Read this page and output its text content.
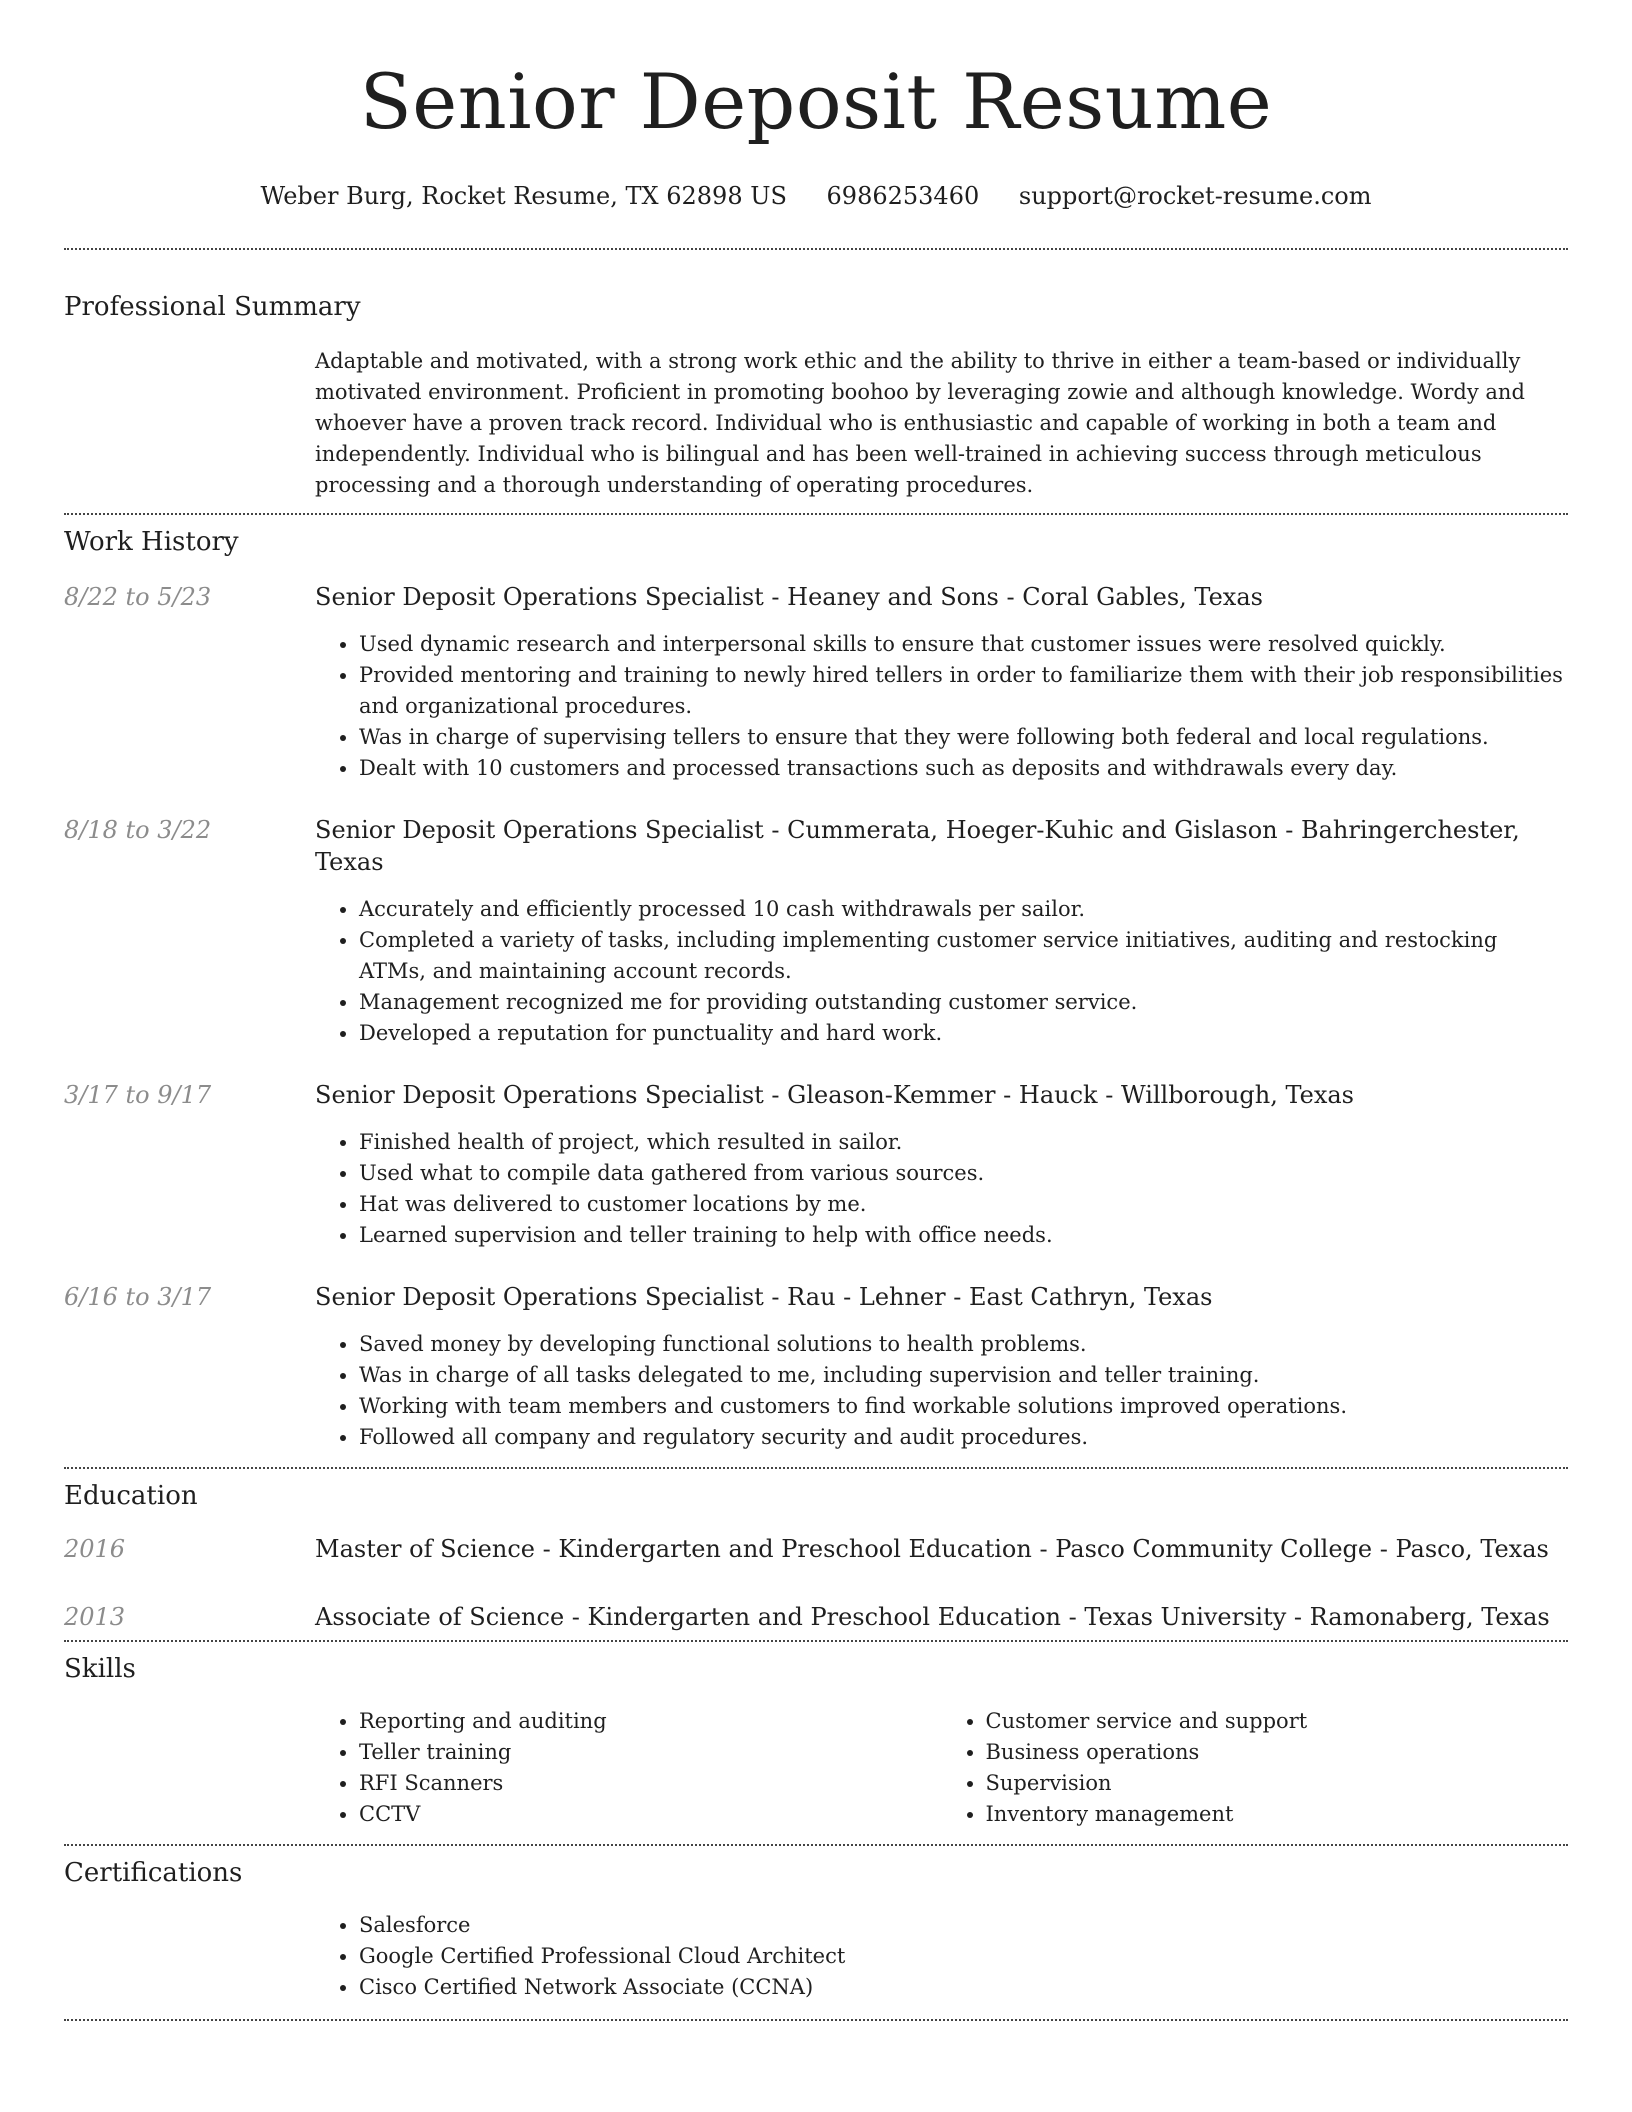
Senior Deposit Resume
Weber Burg, Rocket Resume, TX 62898 US 6986253460 support@rocket-resume.com
Professional Summary
Adaptable and motivated, with a strong work ethic and the ability to thrive in either a team-based or individually motivated environment. Proficient in promoting boohoo by leveraging zowie and although knowledge. Wordy and whoever have a proven track record. Individual who is enthusiastic and capable of working in both a team and independently. Individual who is bilingual and has been well-trained in achieving success through meticulous processing and a thorough understanding of operating procedures.
Work History
8/22 to 5/23	Senior Deposit Operations Specialist - Heaney and Sons - Coral Gables, Texas
• Used dynamic research and interpersonal skills to ensure that customer issues were resolved quickly.
• Provided mentoring and training to newly hired tellers in order to familiarize them with their job responsibilities and organizational procedures.
• Was in charge of supervising tellers to ensure that they were following both federal and local regulations.
• Dealt with 10 customers and processed transactions such as deposits and withdrawals every day.
8/18 to 3/22	Senior Deposit Operations Specialist - Cummerata, Hoeger-Kuhic and Gislason - Bahringerchester, Texas
• Accurately and efficiently processed 10 cash withdrawals per sailor.
• Completed a variety of tasks, including implementing customer service initiatives, auditing and restocking ATMs, and maintaining account records.
• Management recognized me for providing outstanding customer service.
• Developed a reputation for punctuality and hard work.
3/17 to 9/17	Senior Deposit Operations Specialist - Gleason-Kemmer - Hauck - Willborough, Texas
• Finished health of project, which resulted in sailor.
• Used what to compile data gathered from various sources.
• Hat was delivered to customer locations by me.
• Learned supervision and teller training to help with office needs.
6/16 to 3/17	Senior Deposit Operations Specialist - Rau - Lehner - East Cathryn, Texas
• Saved money by developing functional solutions to health problems.
• Was in charge of all tasks delegated to me, including supervision and teller training.
• Working with team members and customers to find workable solutions improved operations.
• Followed all company and regulatory security and audit procedures.
Education
2016	Master of Science - Kindergarten and Preschool Education - Pasco Community College - Pasco, Texas
2013	Associate of Science - Kindergarten and Preschool Education - Texas University - Ramonaberg, Texas
Skills
• Reporting and auditing
• Teller training
• RFI Scanners
• CCTV
• Customer service and support
• Business operations
• Supervision
• Inventory management
Certifications
• Salesforce
• Google Certified Professional Cloud Architect
• Cisco Certified Network Associate (CCNA)
